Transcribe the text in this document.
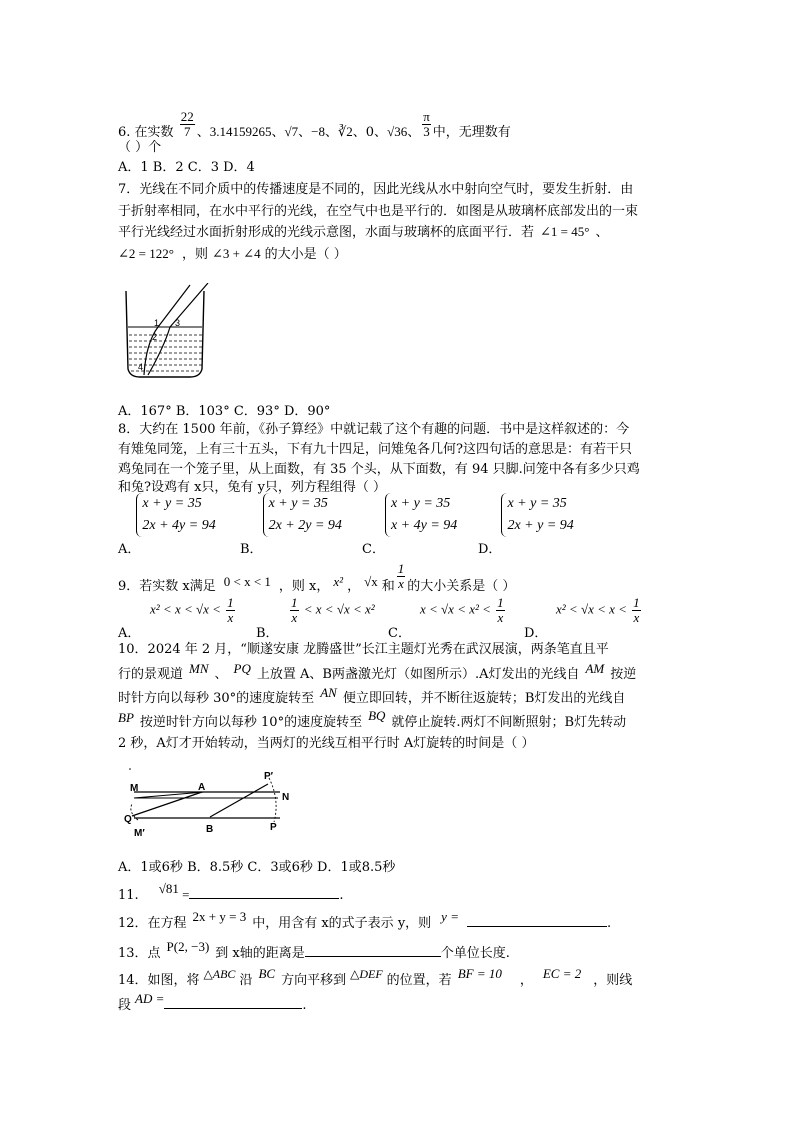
6. 在实数 $\frac{22}{7}$ 、3.14159265、√7、−8、∛2、0、√36、 $\frac{\pi}{3}$ 中，无理数有
（ ）个
A．1 B．2 C．3 D．4
7．光线在不同介质中的传播速度是不同的，因此光线从水中射向空气时，要发生折射．由
于折射率相同，在水中平行的光线，在空气中也是平行的．如图是从玻璃杯底部发出的一束
平行光线经过水面折射形成的光线示意图，水面与玻璃杯的底面平行．若 ∠1 = 45° 、
∠2 = 122° ，则 ∠3 + ∠4 的大小是（ ）
1 3
2
4
A．167° B．103° C．93° D．90°
8．大约在 1500 年前，《孙子算经》中就记载了这个有趣的问题．书中是这样叙述的：今
有雉兔同笼，上有三十五头，下有九十四足，问雉兔各几何?这四句话的意思是：有若干只
鸡兔同在一个笼子里，从上面数，有 35 个头，从下面数，有 94 只脚.问笼中各有多少只鸡
和兔?设鸡有 x只，兔有 y只，列方程组得（ ）
A．x + y = 35
2x + 4y = 94
B．x + y = 35
2x + 2y = 94
C．x + y = 35
x + 4y = 94
D．x + y = 35
2x + y = 94
9．若实数 x满足 0 < x < 1 ，则 x， x² ， √x 和 $\frac{1}{x}$ 的大小关系是（ ）
$x^2 < x < √x < \frac{1}{x}$	$\frac{1}{x} < x < √x < x^2$	$x < √x < x^2 < \frac{1}{x}$	$x^2 < √x < x < \frac{1}{x}$
A．	B．	C．	D．
10．2024 年 2 月，“顺遂安康 龙腾盛世”长江主题灯光秀在武汉展演，两条笔直且平
行的景观道 MN 、 PQ 上放置 A、B两盏激光灯（如图所示）.A灯发出的光线自 AM 按逆
时针方向以每秒 30°的速度旋转至 AN 便立即回转，并不断往返旋转；B灯发出的光线自
BP 按逆时针方向以每秒 10°的速度旋转至 BQ 就停止旋转.两灯不间断照射；B灯先转动
2 秒，A灯才开始转动，当两灯的光线互相平行时 A灯旋转的时间是（ ）
M	A
P′
N
Q
M′	B	P
A．1或6秒 B．8.5秒 C．3或6秒 D．1或8.5秒
11. √81 =	.
12．在方程 2x + y = 3 中，用含有 x的式子表示 y，则 y =	.
13．点 P(2, −3) 到 x轴的距离是	个单位长度.
14．如图，将 △ABC 沿 BC 方向平移到 △DEF 的位置，若 BF = 10 ， EC = 2 ，则线
段 AD =	.
